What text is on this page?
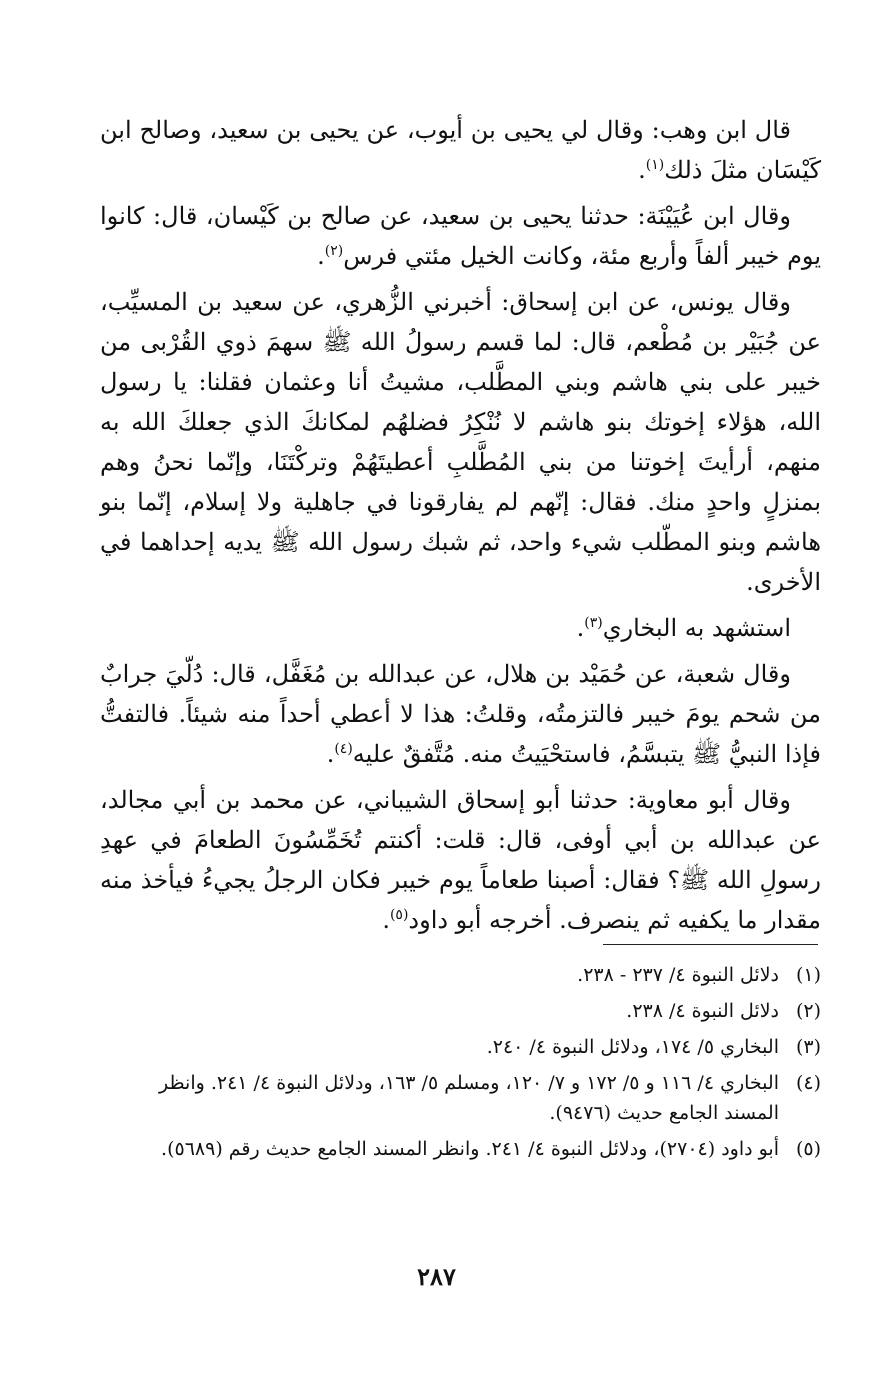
قال ابن وهب: وقال لي يحيى بن أيوب، عن يحيى بن سعيد، وصالح ابن كَيْسَان مثلَ ذلك$^{(١)}$.

وقال ابن عُيَيْنَة: حدثنا يحيى بن سعيد، عن صالح بن كَيْسان، قال: كانوا يوم خيبر ألفاً وأربع مئة، وكانت الخيل مئتي فرس$^{(٢)}$.

وقال يونس، عن ابن إسحاق: أخبرني الزُّهري، عن سعيد بن المسيِّب، عن جُبَيْر بن مُطْعم، قال: لما قسم رسولُ الله ﷺ سهمَ ذوي القُرْبى من خيبر على بني هاشم وبني المطَّلب، مشيتُ أنا وعثمان فقلنا: يا رسول الله، هؤلاء إخوتك بنو هاشم لا نُنْكِرُ فضلهُم لمكانكَ الذي جعلكَ الله به منهم، أرأيتَ إخوتنا من بني المُطَّلبِ أعطيتَهُمْ وتركْتَنَا، وإنّما نحنُ وهم بمنزلٍ واحدٍ منك. فقال: إنّهم لم يفارقونا في جاهلية ولا إسلام، إنّما بنو هاشم وبنو المطّلب شيء واحد، ثم شبك رسول الله ﷺ يديه إحداهما في الأخرى.

استشهد به البخاري$^{(٣)}$.

وقال شعبة، عن حُمَيْد بن هلال، عن عبدالله بن مُغَفَّل، قال: دُلّيَ جرابٌ من شحم يومَ خيبر فالتزمتُه، وقلتُ: هذا لا أعطي أحداً منه شيئاً. فالتفتُّ فإذا النبيُّ ﷺ يتبسَّمُ، فاستحْيَيتُ منه. مُتَّفقٌ عليه$^{(٤)}$.

وقال أبو معاوية: حدثنا أبو إسحاق الشيباني، عن محمد بن أبي مجالد، عن عبدالله بن أبي أوفى، قال: قلت: أكنتم تُخَمِّسُونَ الطعامَ في عهدِ رسولِ الله ﷺ؟ فقال: أصبنا طعاماً يوم خيبر فكان الرجلُ يجيءُ فيأخذ منه مقدار ما يكفيه ثم ينصرف. أخرجه أبو داود$^{(٥)}$.

(١)
دلائل النبوة ٤/ ٢٣٧ - ٢٣٨.
(٢)
دلائل النبوة ٤/ ٢٣٨.
(٣)
البخاري ٥/ ١٧٤، ودلائل النبوة ٤/ ٢٤٠.
(٤)
البخاري ٤/ ١١٦ و ٥/ ١٧٢ و ٧/ ١٢٠، ومسلم ٥/ ١٦٣، ودلائل النبوة ٤/ ٢٤١. وانظر المسند الجامع حديث (٩٤٧٦).
(٥)
أبو داود (٢٧٠٤)، ودلائل النبوة ٤/ ٢٤١. وانظر المسند الجامع حديث رقم (٥٦٨٩).
٢٨٧
